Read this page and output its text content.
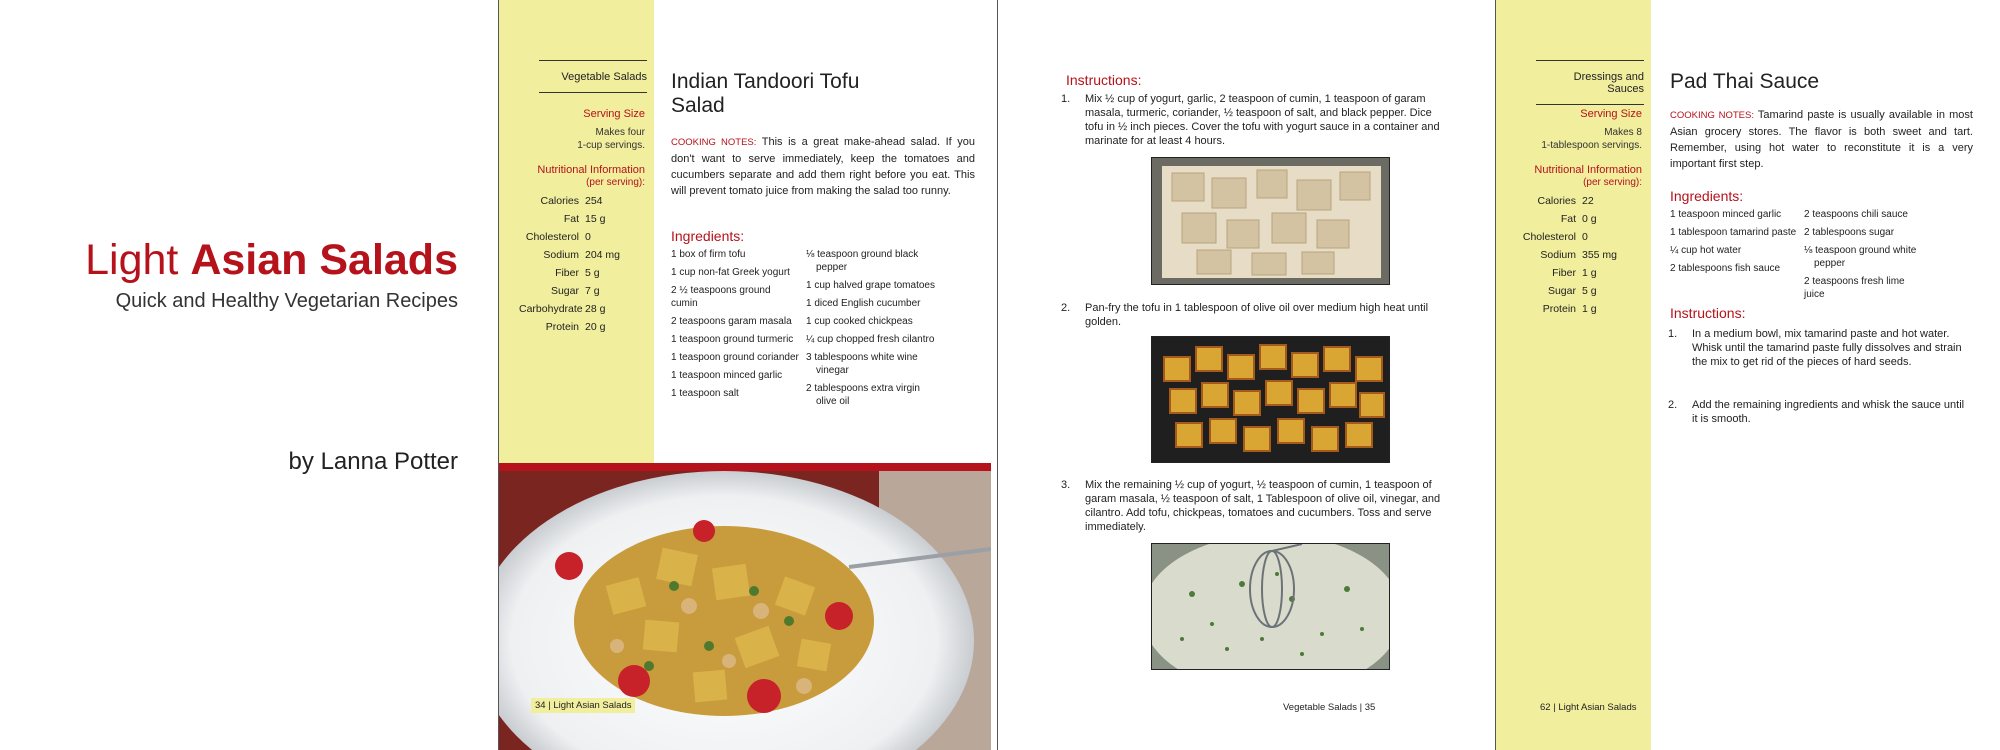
Light Asian Salads
Quick and Healthy Vegetarian Recipes
by Lanna Potter
Vegetable Salads
Serving Size
Makes four
1-cup servings.
Nutritional Information
(per serving):
Calories 254
Fat 15 g
Cholesterol 0
Sodium 204 mg
Fiber 5 g
Sugar 7 g
Carbohydrate 28 g
Protein 20 g
Indian Tandoori Tofu
Salad
COOKING NOTES: This is a great make-ahead salad. If you don't want to serve immediately, keep the tomatoes and cucumbers separate and add them right before you eat. This will prevent tomato juice from making the salad too runny.
Ingredients:
1 box of firm tofu
1 cup non-fat Greek yogurt
2 ½ teaspoons ground cumin
2 teaspoons garam masala
1 teaspoon ground turmeric
1 teaspoon ground coriander
1 teaspoon minced garlic
1 teaspoon salt
⅛ teaspoon ground black pepper
1 cup halved grape tomatoes
1 diced English cucumber
1 cup cooked chickpeas
¼ cup chopped fresh cilantro
3 tablespoons white wine vinegar
2 tablespoons extra virgin olive oil
34 | Light Asian Salads
Instructions:
1. Mix ½ cup of yogurt, garlic, 2 teaspoon of cumin, 1 teaspoon of garam masala, turmeric, coriander, ½ teaspoon of salt, and black pepper. Dice tofu in ½ inch pieces. Cover the tofu with yogurt sauce in a container and marinate for at least 4 hours.
2. Pan-fry the tofu in 1 tablespoon of olive oil over medium high heat until golden.
3. Mix the remaining ½ cup of yogurt, ½ teaspoon of cumin, 1 teaspoon of garam masala, ½ teaspoon of salt, 1 Tablespoon of olive oil, vinegar, and cilantro. Add tofu, chickpeas, tomatoes and cucumbers. Toss and serve immediately.
Vegetable Salads | 35
Dressings and Sauces
Serving Size
Makes 8
1-tablespoon servings.
Nutritional Information
(per serving):
Calories 22
Fat 0 g
Cholesterol 0
Sodium 355 mg
Fiber 1 g
Sugar 5 g
Protein 1 g
62 | Light Asian Salads
Pad Thai Sauce
COOKING NOTES: Tamarind paste is usually available in most Asian grocery stores. The flavor is both sweet and tart. Remember, using hot water to reconstitute it is a very important first step.
Ingredients:
1 teaspoon minced garlic
1 tablespoon tamarind paste
¼ cup hot water
2 tablespoons fish sauce
2 teaspoons chili sauce
2 tablespoons sugar
⅛ teaspoon ground white pepper
2 teaspoons fresh lime juice
Instructions:
1. In a medium bowl, mix tamarind paste and hot water. Whisk until the tamarind paste fully dissolves and strain the mix to get rid of the pieces of hard seeds.
2. Add the remaining ingredients and whisk the sauce until it is smooth.
